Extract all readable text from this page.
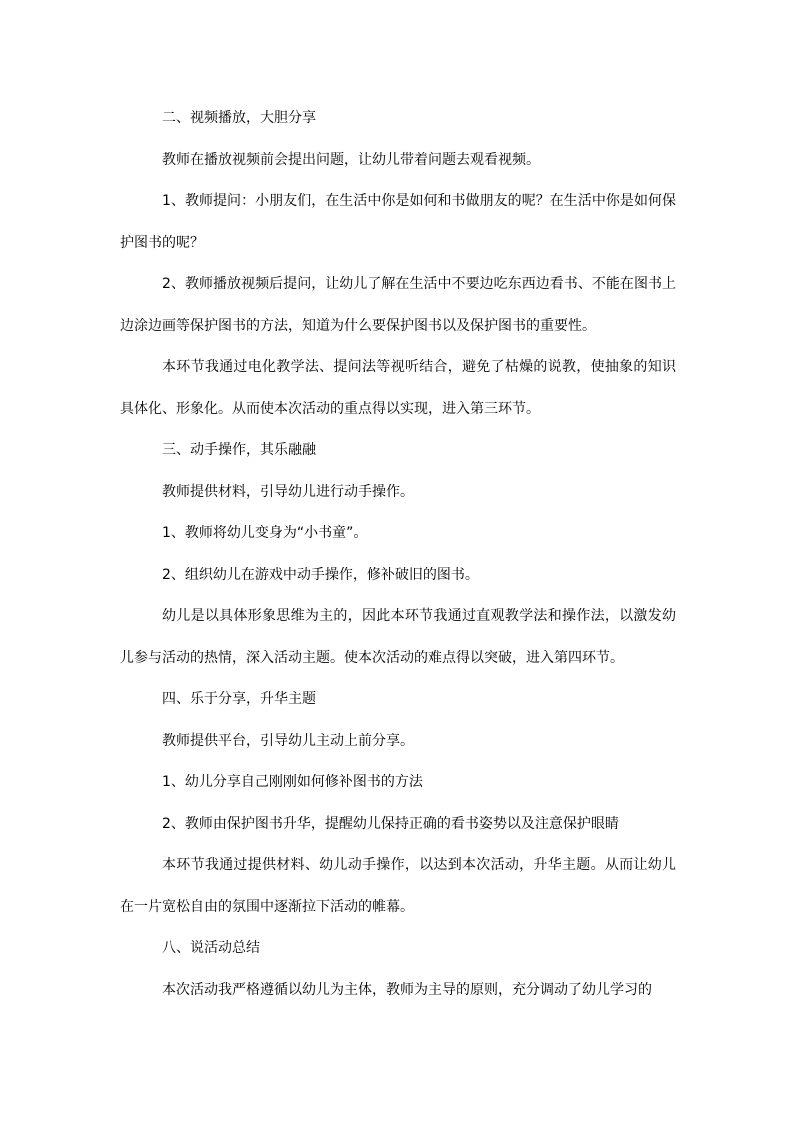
二、视频播放，大胆分享

教师在播放视频前会提出问题，让幼儿带着问题去观看视频。

1、教师提问：小朋友们，在生活中你是如何和书做朋友的呢？在生活中你是如何保护图书的呢？

2、教师播放视频后提问，让幼儿了解在生活中不要边吃东西边看书、不能在图书上边涂边画等保护图书的方法，知道为什么要保护图书以及保护图书的重要性。

本环节我通过电化教学法、提问法等视听结合，避免了枯燥的说教，使抽象的知识具体化、形象化。从而使本次活动的重点得以实现，进入第三环节。

三、动手操作，其乐融融

教师提供材料，引导幼儿进行动手操作。

1、教师将幼儿变身为“小书童”。

2、组织幼儿在游戏中动手操作，修补破旧的图书。

幼儿是以具体形象思维为主的，因此本环节我通过直观教学法和操作法，以激发幼儿参与活动的热情，深入活动主题。使本次活动的难点得以突破，进入第四环节。

四、乐于分享，升华主题

教师提供平台，引导幼儿主动上前分享。

1、幼儿分享自己刚刚如何修补图书的方法

2、教师由保护图书升华，提醒幼儿保持正确的看书姿势以及注意保护眼睛

本环节我通过提供材料、幼儿动手操作，以达到本次活动，升华主题。从而让幼儿在一片宽松自由的氛围中逐渐拉下活动的帷幕。

八、说活动总结

本次活动我严格遵循以幼儿为主体，教师为主导的原则，充分调动了幼儿学习的
